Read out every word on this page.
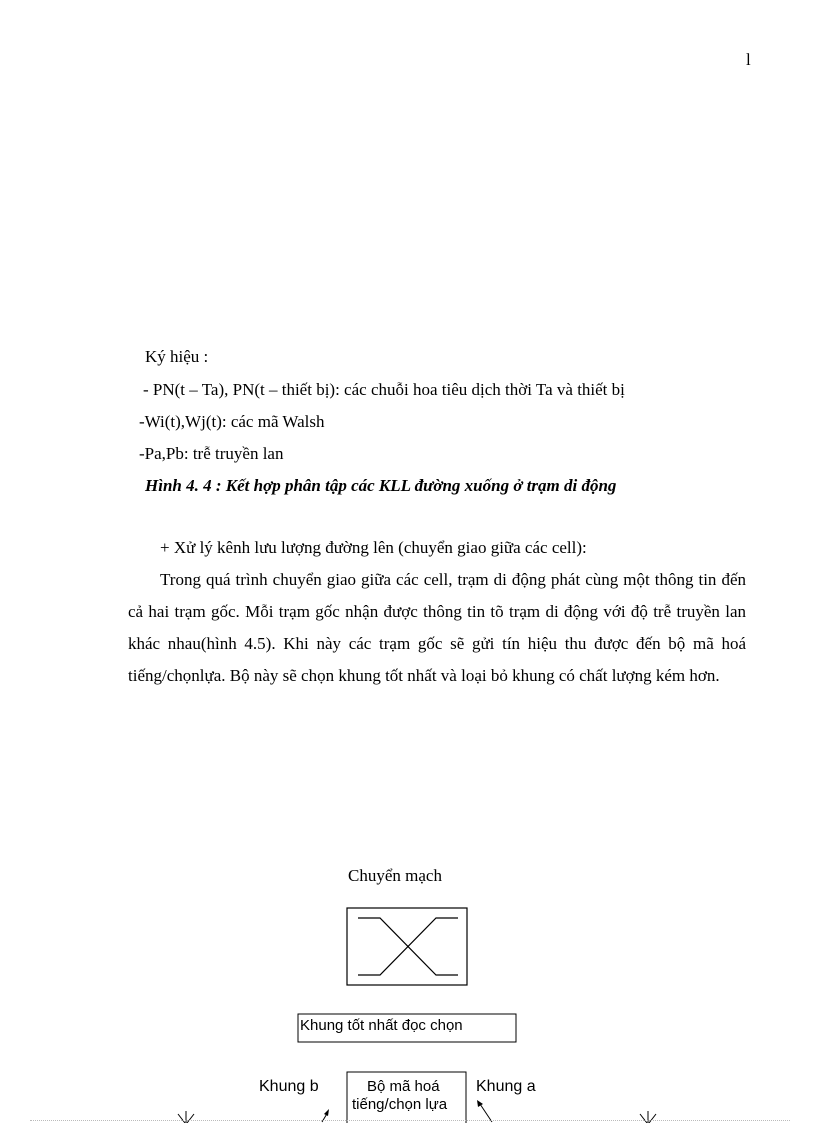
l
Ký hiệu :
- PN(t – Ta), PN(t – thiết bị): các chuỗi hoa tiêu dịch thời Ta và thiết bị
-Wi(t),Wj(t): các mã Walsh
-Pa,Pb: trễ truyền lan
Hình 4. 4 : Kết hợp phân tập các KLL đường xuống ở trạm di động

+ Xử lý kênh lưu lượng đường lên (chuyển giao giữa các cell):

Trong quá trình chuyển giao giữa các cell, trạm di động phát cùng một thông tin đến cả hai trạm gốc. Mỗi trạm gốc nhận được thông tin tõ trạm di động với độ trễ truyền lan khác nhau(hình 4.5). Khi này các trạm gốc sẽ gửi tín hiệu thu được đến bộ mã hoá tiếng/chọnlựa. Bộ này sẽ chọn khung tốt nhất và loại bỏ khung có chất lượng kém hơn.

Chuyển mạch
Khung tốt nhất đọc chọn
Bộ mã hoá
tiếng/chọn lựa
Khung b	Khung a
